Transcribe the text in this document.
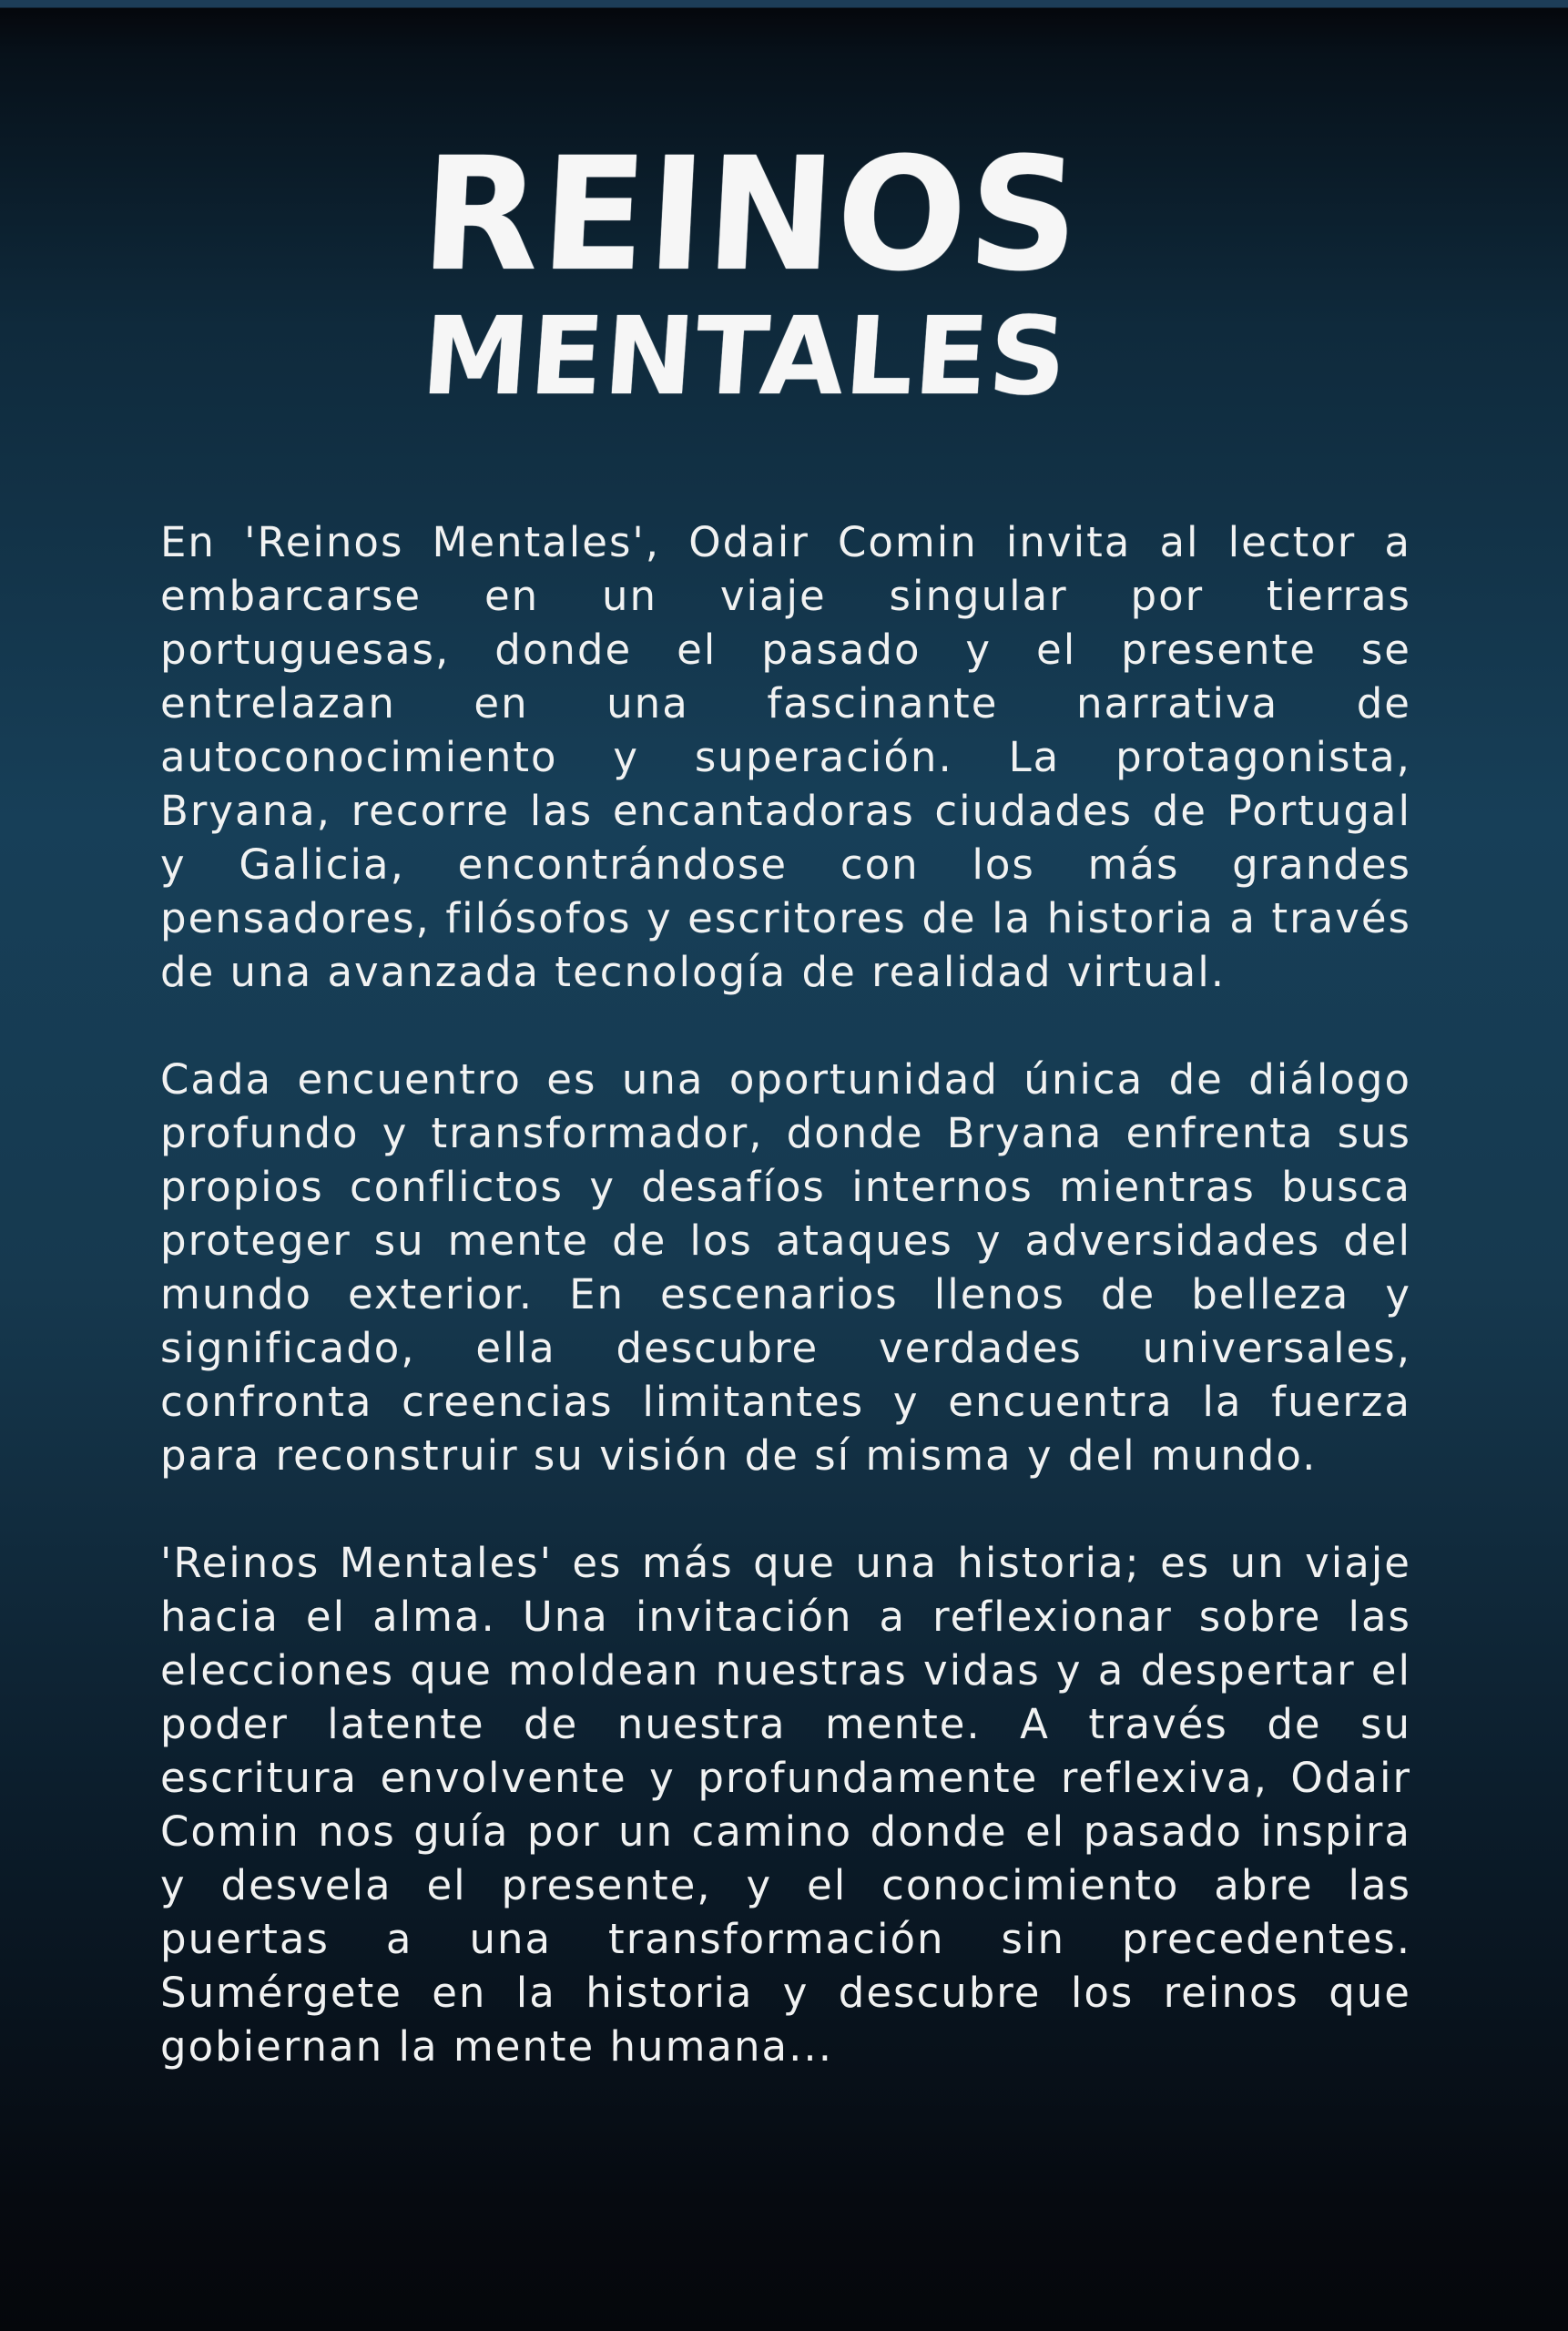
REINOS
MENTALES

En 'Reinos Mentales', Odair Comin invita al lector a embarcarse en un viaje singular por tierras portuguesas, donde el pasado y el presente se entrelazan en una fascinante narrativa de autoconocimiento y superación. La protagonista, Bryana, recorre las encantadoras ciudades de Portugal y Galicia, encontrándose con los más grandes pensadores, filósofos y escritores de la historia a través de una avanzada tecnología de realidad virtual.

Cada encuentro es una oportunidad única de diálogo profundo y transformador, donde Bryana enfrenta sus propios conflictos y desafíos internos mientras busca proteger su mente de los ataques y adversidades del mundo exterior. En escenarios llenos de belleza y significado, ella descubre verdades universales, confronta creencias limitantes y encuentra la fuerza para reconstruir su visión de sí misma y del mundo.

'Reinos Mentales' es más que una historia; es un viaje hacia el alma. Una invitación a reflexionar sobre las elecciones que moldean nuestras vidas y a despertar el poder latente de nuestra mente. A través de su escritura envolvente y profundamente reflexiva, Odair Comin nos guía por un camino donde el pasado inspira y desvela el presente, y el conocimiento abre las puertas a una transformación sin precedentes. Sumérgete en la historia y descubre los reinos que gobiernan la mente humana...
